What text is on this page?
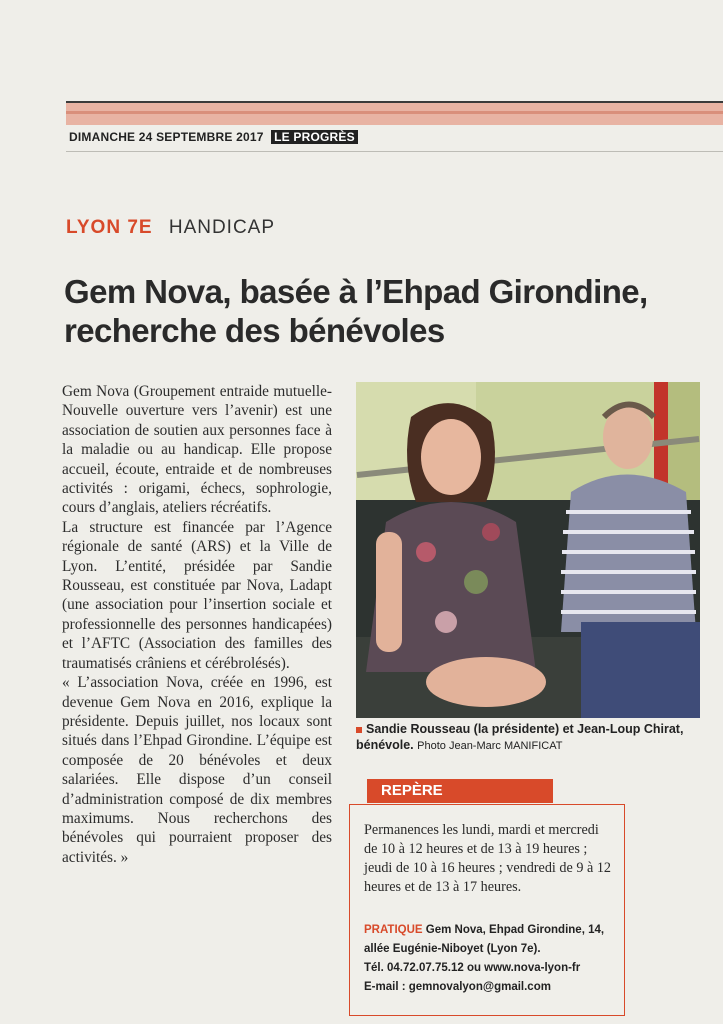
DIMANCHE 24 SEPTEMBRE 2017 LE PROGRÈS
LYON 7E HANDICAP
Gem Nova, basée à l’Ehpad Girondine, recherche des bénévoles

Gem Nova (Groupement entraide mutuelle-Nouvelle ouverture vers l’avenir) est une association de soutien aux personnes face à la maladie ou au handicap. Elle propose accueil, écoute, entraide et de nombreuses activités : origami, échecs, sophrologie, cours d’anglais, ateliers récréatifs.

La structure est financée par l’Agence régionale de santé (ARS) et la Ville de Lyon. L’entité, présidée par Sandie Rousseau, est constituée par Nova, Ladapt (une association pour l’insertion sociale et professionnelle des personnes handicapées) et l’AFTC (Association des familles des traumatisés crâniens et cérébrolésés).

« L’association Nova, créée en 1996, est devenue Gem Nova en 2016, explique la présidente. Depuis juillet, nos locaux sont situés dans l’Ehpad Girondine. L’équipe est composée de 20 bénévoles et deux salariées. Elle dispose d’un conseil d’administration composé de dix membres maximums. Nous recherchons des bénévoles qui pourraient proposer des activités. »

Sandie Rousseau (la présidente) et Jean-Loup Chirat, bénévole. Photo Jean-Marc MANIFICAT
REPÈRE
Permanences les lundi, mardi et mercredi de 10 à 12 heures et de 13 à 19 heures ; jeudi de 10 à 16 heures ; vendredi de 9 à 12 heures et de 13 à 17 heures.
PRATIQUE Gem Nova, Ehpad Girondine, 14, allée Eugénie-Niboyet (Lyon 7e).
Tél. 04.72.07.75.12 ou www.nova-lyon-fr
E-mail : gemnovalyon@gmail.com
